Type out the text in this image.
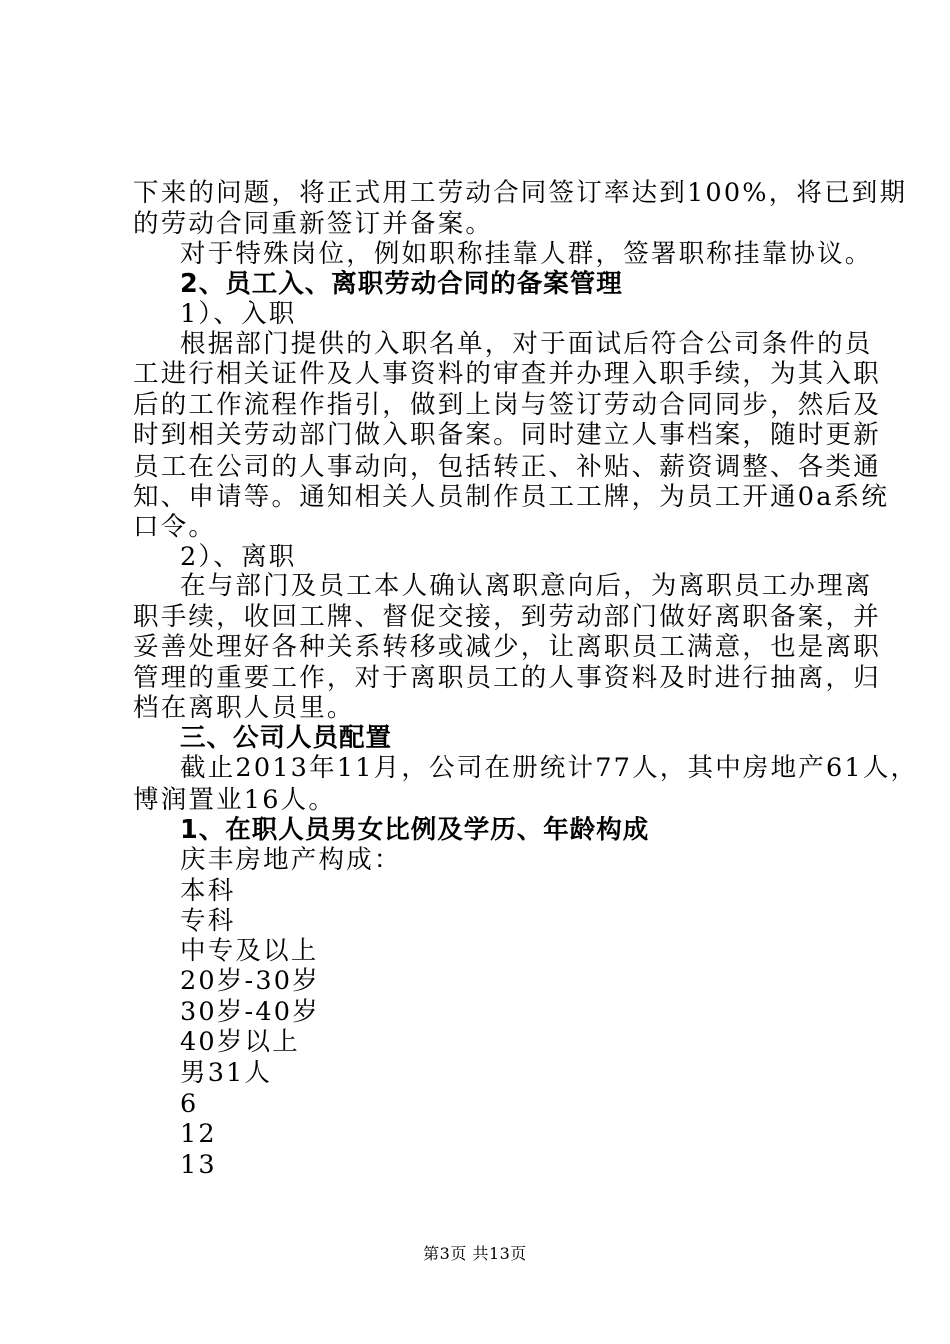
下来的问题，将正式用工劳动合同签订率达到100%，将已到期
的劳动合同重新签订并备案。
对于特殊岗位，例如职称挂靠人群，签署职称挂靠协议。
2、员工入、离职劳动合同的备案管理
1）、入职
根据部门提供的入职名单，对于面试后符合公司条件的员
工进行相关证件及人事资料的审查并办理入职手续，为其入职
后的工作流程作指引，做到上岗与签订劳动合同同步，然后及
时到相关劳动部门做入职备案。同时建立人事档案，随时更新
员工在公司的人事动向，包括转正、补贴、薪资调整、各类通
知、申请等。通知相关人员制作员工工牌，为员工开通0a系统
口令。
2）、离职
在与部门及员工本人确认离职意向后，为离职员工办理离
职手续，收回工牌、督促交接，到劳动部门做好离职备案，并
妥善处理好各种关系转移或减少，让离职员工满意，也是离职
管理的重要工作，对于离职员工的人事资料及时进行抽离，归
档在离职人员里。
三、公司人员配置
截止2013年11月，公司在册统计77人，其中房地产61人，
博润置业16人。
1、在职人员男女比例及学历、年龄构成
庆丰房地产构成：
本科
专科
中专及以上
20岁-30岁
30岁-40岁
40岁以上
男31人
6
12
13
第3页 共13页
